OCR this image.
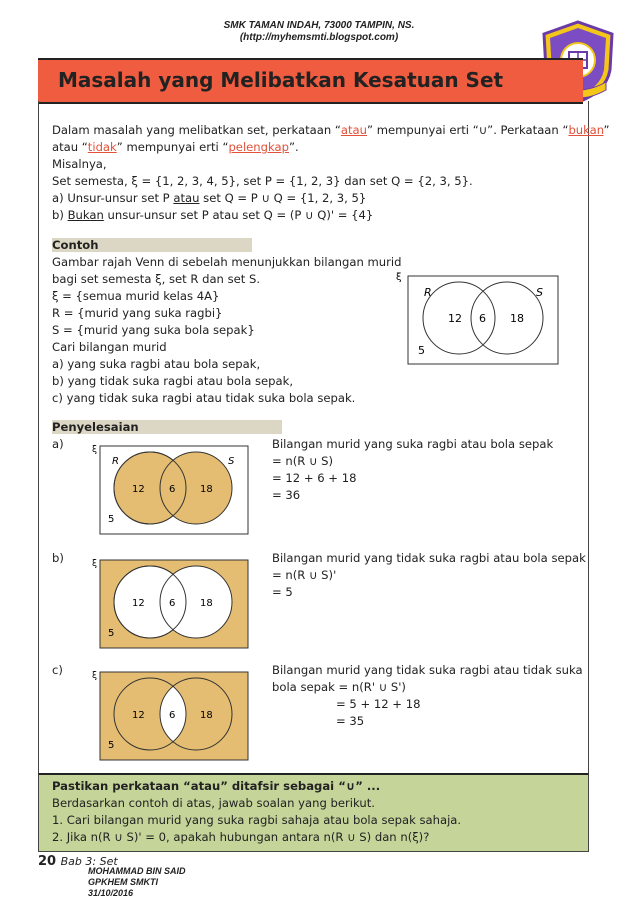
SMK TAMAN INDAH, 73000 TAMPIN, NS.
(http://myhemsmti.blogspot.com)
Masalah yang Melibatkan Kesatuan Set
Dalam masalah yang melibatkan set, perkataan “atau” mempunyai erti “∪”. Perkataan “bukan”
atau “tidak” mempunyai erti “pelengkap”.
Misalnya,
Set semesta, ξ = {1, 2, 3, 4, 5}, set P = {1, 2, 3} dan set Q = {2, 3, 5}.
a) Unsur-unsur set P atau set Q = P ∪ Q = {1, 2, 3, 5}
b) Bukan unsur-unsur set P atau set Q = (P ∪ Q)' = {4}
Contoh
Gambar rajah Venn di sebelah menunjukkan bilangan murid
bagi set semesta ξ, set R dan set S.
ξ = {semua murid kelas 4A}
R = {murid yang suka ragbi}
S = {murid yang suka bola sepak}
Cari bilangan murid
a) yang suka ragbi atau bola sepak,
b) yang tidak suka ragbi atau bola sepak,
c) yang tidak suka ragbi atau tidak suka bola sepak.
ξ
R	S
12 6 18
5
Penyelesaian
a)	ξ
R	S
12 6 18
5
Bilangan murid yang suka ragbi atau bola sepak
= n(R ∪ S)
= 12 + 6 + 18
= 36
b)	ξ
12 6 18
5
Bilangan murid yang tidak suka ragbi atau bola sepak
= n(R ∪ S)'
= 5
c)	ξ
12 6 18
5
Bilangan murid yang tidak suka ragbi atau tidak suka
bola sepak = n(R' ∪ S')
= 5 + 12 + 18
= 35
Pastikan perkataan “atau” ditafsir sebagai “∪” ...
Berdasarkan contoh di atas, jawab soalan yang berikut.
1. Cari bilangan murid yang suka ragbi sahaja atau bola sepak sahaja.
2. Jika n(R ∪ S)' = 0, apakah hubungan antara n(R ∪ S) dan n(ξ)?
20 Bab 3: Set
MOHAMMAD BIN SAID
GPKHEM SMKTI
31/10/2016
